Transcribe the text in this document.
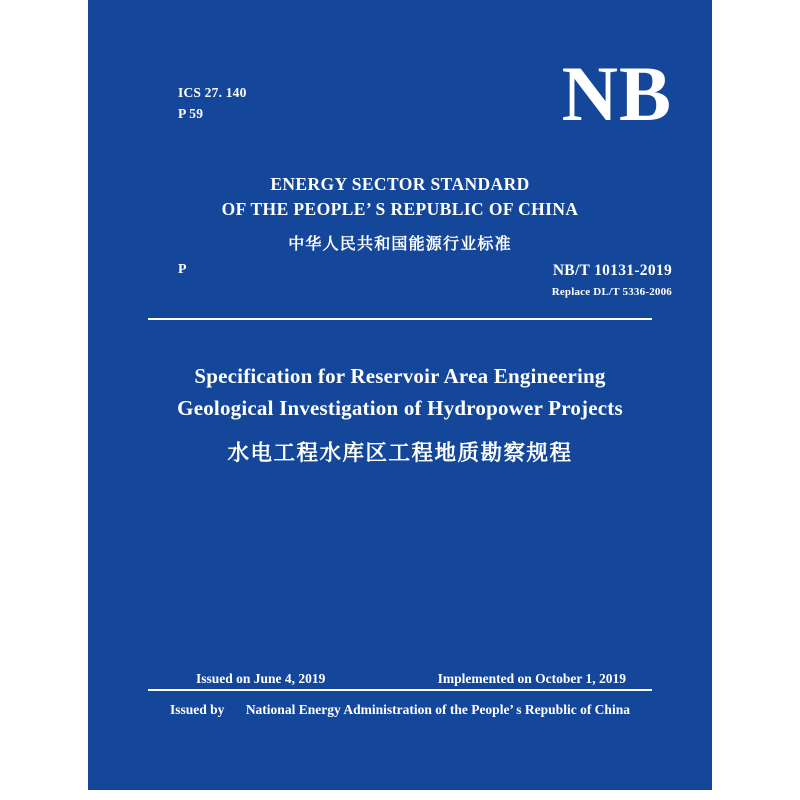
ICS 27. 140
P 59	NB
ENERGY SECTOR STANDARD
OF THE PEOPLE’ S REPUBLIC OF CHINA
中华人民共和国能源行业标准
P	NB/T 10131-2019
Replace DL/T 5336-2006
Specification for Reservoir Area Engineering
Geological Investigation of Hydropower Projects
水电工程水库区工程地质勘察规程
Issued on June 4, 2019	Implemented on October 1, 2019
Issued by National Energy Administration of the People’ s Republic of China
